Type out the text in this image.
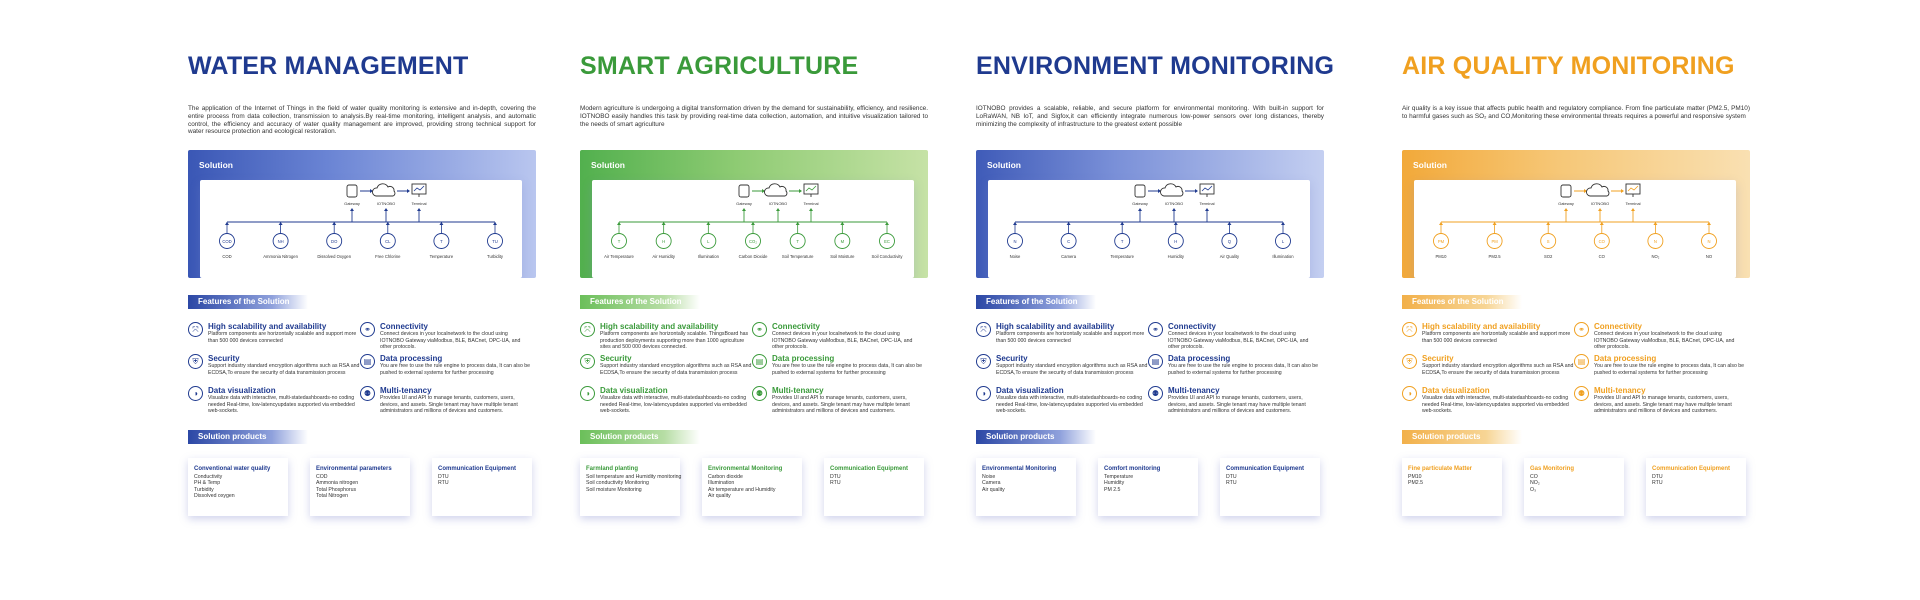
WATER MANAGEMENT
The application of the Internet of Things in the field of water quality monitoring is extensive and in-depth, covering the entire process from data collection, transmission to analysis.By real-time monitoring, intelligent analysis, and automatic control, the efficiency and accuracy of water quality management are improved, providing strong technical support for water resource protection and ecological restoration.
Solution
Gateway	IOTNOBO	Terminal
COD
COD
NH
Ammonia Nitrogen
DO
Dissolved Oxygen
CL
Free Chlorine
T
Temperature
TU
Turbidity
Features of the Solution
⤧	High scalability and availability
Platform components are horizontally scalable and support more than 500 000 devices connected
⚭	Connectivity
Connect devices in your localnetwork to the cloud using IOTNOBO Gateway viaModbus, BLE, BACnet, OPC-UA, and other protocols.
⛨	Security
Support industry standard encryption algorithms such as RSA and ECDSA,To ensure the security of data transmission process
▤	Data processing
You are free to use the rule engine to process data, It can also be pushed to external systems for further processing
◑	Data visualization
Visualize data with interactive, multi-statedashboards-no coding needed Real-time, low-latencyupdates supported via embedded web-sockets.
⚉	Multi-tenancy
Provides UI and API to manage tenants, customers, users, devices, and assets. Single tenant may have multiple tenant administrators and millions of devices and customers.
Solution products
Conventional water quality
Conductivity
PH & Temp
Turbidity
Dissolved oxygen
Environmental parameters
COD
Ammonia nitrogen
Total Phosphorus
Total Nitrogen
Communication Equipment
DTU
RTU
SMART AGRICULTURE
Modern agriculture is undergoing a digital transformation driven by the demand for sustainability, efficiency, and resilience. IOTNOBO easily handles this task by providing real-time data collection, automation, and intuitive visualization tailored to the needs of smart agriculture
Solution
Gateway	IOTNOBO	Terminal
T
Air Temperature
H
Air Humidity
L
Illumination
CO₂
Carbon Dioxide
T
Soil Temperature
M
Soil Moisture
EC
Soil Conductivity
Features of the Solution
⤧	High scalability and availability
Platform components are horizontally scalable. ThingsBoard has production deployments supporting more than 1000 agriculture sites and 500 000 devices connected.
⚭	Connectivity
Connect devices in your localnetwork to the cloud using IOTNOBO Gateway viaModbus, BLE, BACnet, OPC-UA, and other protocols.
⛨	Security
Support industry standard encryption algorithms such as RSA and ECDSA,To ensure the security of data transmission process
▤	Data processing
You are free to use the rule engine to process data, It can also be pushed to external systems for further processing
◑	Data visualization
Visualize data with interactive, multi-statedashboards-no coding needed Real-time, low-latencyupdates supported via embedded web-sockets.
⚉	Multi-tenancy
Provides UI and API to manage tenants, customers, users, devices, and assets. Single tenant may have multiple tenant administrators and millions of devices and customers.
Solution products
Farmland planting
Soil temperature and Humidity monitoring
Soil conductivity Monitoring
Soil moisture Monitoring
Environmental Monitoring
Carbon dioxide
Illumination
Air temperature and Humidity
Air quality
Communication Equipment
DTU
RTU
ENVIRONMENT MONITORING
IOTNOBO provides a scalable, reliable, and secure platform for environmental monitoring. With built-in support for LoRaWAN, NB IoT, and Sigfox,it can efficiently integrate numerous low-power sensors over long distances, thereby minimizing the complexity of infrastructure to the greatest extent possible
Solution
Gateway	IOTNOBO	Terminal
N
Noise
C
Camera
T
Temperature
H
Humidity
Q
Air Quality
L
Illumination
Features of the Solution
⤧	High scalability and availability
Platform components are horizontally scalable and support more than 500 000 devices connected
⚭	Connectivity
Connect devices in your localnetwork to the cloud using IOTNOBO Gateway viaModbus, BLE, BACnet, OPC-UA, and other protocols.
⛨	Security
Support industry standard encryption algorithms such as RSA and ECDSA,To ensure the security of data transmission process
▤	Data processing
You are free to use the rule engine to process data, It can also be pushed to external systems for further processing
◑	Data visualization
Visualize data with interactive, multi-statedashboards-no coding needed Real-time, low-latencyupdates supported via embedded web-sockets.
⚉	Multi-tenancy
Provides UI and API to manage tenants, customers, users, devices, and assets. Single tenant may have multiple tenant administrators and millions of devices and customers.
Solution products
Environmental Monitoring
Noise
Camera
Air quality
Comfort monitoring
Temperature
Humidity
PM 2.5
Communication Equipment
DTU
RTU
AIR QUALITY MONITORING
Air quality is a key issue that affects public health and regulatory compliance. From fine particulate matter (PM2.5, PM10) to harmful gases such as SO₂ and CO,Monitoring these environmental threats requires a powerful and responsive system
Solution
Gateway	IOTNOBO	Terminal
PM
PM10
PM
PM2.5
S
SO2
CO
CO
N
NO₂
N
NO
Features of the Solution
⤧	High scalability and availability
Platform components are horizontally scalable and support more than 500 000 devices connected
⚭	Connectivity
Connect devices in your localnetwork to the cloud using IOTNOBO Gateway viaModbus, BLE, BACnet, OPC-UA, and other protocols.
⛨	Security
Support industry standard encryption algorithms such as RSA and ECDSA,To ensure the security of data transmission process
▤	Data processing
You are free to use the rule engine to process data, It can also be pushed to external systems for further processing
◑	Data visualization
Visualize data with interactive, multi-statedashboards-no coding needed Real-time, low-latencyupdates supported via embedded web-sockets.
⚉	Multi-tenancy
Provides UI and API to manage tenants, customers, users, devices, and assets. Single tenant may have multiple tenant administrators and millions of devices and customers.
Solution products
Fine particulate Matter
PM10
PM2.5
Gas Monitoring
CO
NO₂
O₃
Communication Equipment
DTU
RTU
